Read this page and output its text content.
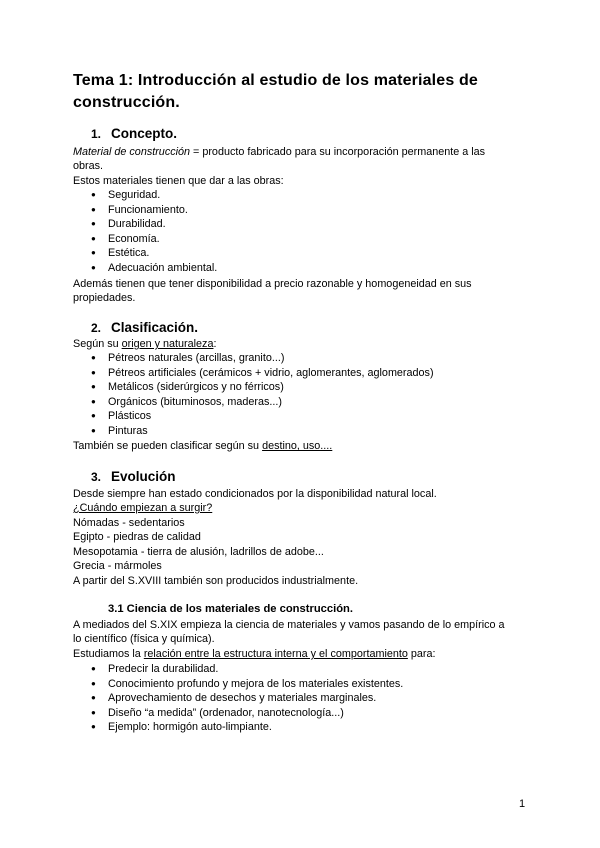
Tema 1: Introducción al estudio de los materiales de
construcción.
1. Concepto.
Material de construcción = producto fabricado para su incorporación permanente a las
obras.
Estos materiales tienen que dar a las obras:
● Seguridad.
● Funcionamiento.
● Durabilidad.
● Economía.
● Estética.
● Adecuación ambiental.
Además tienen que tener disponibilidad a precio razonable y homogeneidad en sus
propiedades.
2. Clasificación.
Según su origen y naturaleza:
● Pétreos naturales (arcillas, granito...)
● Pétreos artificiales (cerámicos + vidrio, aglomerantes, aglomerados)
● Metálicos (siderúrgicos y no férricos)
● Orgánicos (bituminosos, maderas...)
● Plásticos
● Pinturas
También se pueden clasificar según su destino, uso....
3. Evolución
Desde siempre han estado condicionados por la disponibilidad natural local.
¿Cuándo empiezan a surgir?
Nómadas - sedentarios
Egipto - piedras de calidad
Mesopotamia - tierra de alusión, ladrillos de adobe...
Grecia - mármoles
A partir del S.XVIII también son producidos industrialmente.
3.1 Ciencia de los materiales de construcción.
A mediados del S.XIX empieza la ciencia de materiales y vamos pasando de lo empírico a
lo científico (física y química).
Estudiamos la relación entre la estructura interna y el comportamiento para:
● Predecir la durabilidad.
● Conocimiento profundo y mejora de los materiales existentes.
● Aprovechamiento de desechos y materiales marginales.
● Diseño “a medida” (ordenador, nanotecnología...)
● Ejemplo: hormigón auto-limpiante.
1
